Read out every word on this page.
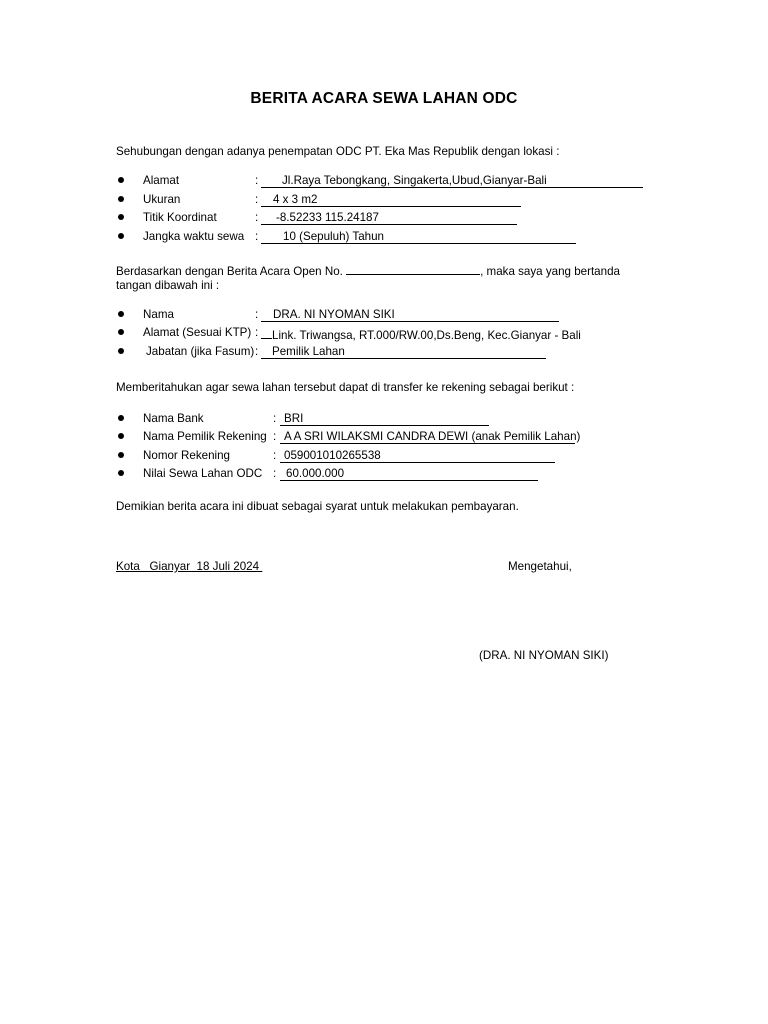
BERITA ACARA SEWA LAHAN ODC
Sehubungan dengan adanya penempatan ODC PT. Eka Mas Republik dengan lokasi :
Alamat	:	Jl.Raya Tebongkang, Singakerta,Ubud,Gianyar-Bali
Ukuran	:	4 x 3 m2
Titik Koordinat	:	-8.52233 115.24187
Jangka waktu sewa :	10 (Sepuluh) Tahun
Berdasarkan dengan Berita Acara Open No.	, maka saya yang bertanda
tangan dibawah ini :
Nama	:	DRA. NI NYOMAN SIKI
Alamat (Sesuai KTP) :	Link. Triwangsa, RT.000/RW.00,Ds.Beng, Kec.Gianyar - Bali
Jabatan (jika Fasum) :	Pemilik Lahan
Memberitahukan agar sewa lahan tersebut dapat di transfer ke rekening sebagai berikut :
Nama Bank	: BRI
Nama Pemilik Rekening : A A SRI WILAKSMI CANDRA DEWI (anak Pemilik Lahan)
Nomor Rekening	: 059001010265538
Nilai Sewa Lahan ODC : 60.000.000
Demikian berita acara ini dibuat sebagai syarat untuk melakukan pembayaran.
Kota   Gianyar  18 Juli 2024	Mengetahui,
(DRA. NI NYOMAN SIKI)
